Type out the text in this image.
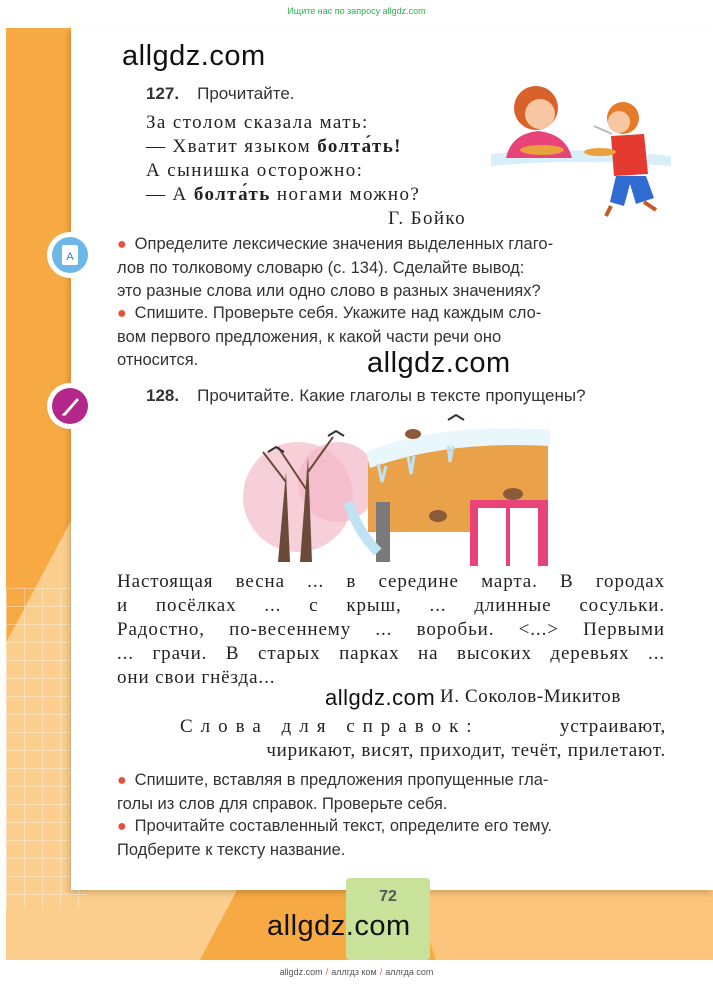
Ищите нас по запросу allgdz.com
allgdz.com
127. Прочитайте.
За столом сказала мать:
— Хватит языком болта́ть!
А сынишка осторожно:
— А болта́ть ногами можно?
Г. Бойко
А
● Определите лексические значения выделенных глаго-
лов по толковому словарю (с. 134). Сделайте вывод:
это разные слова или одно слово в разных значениях?
● Спишите. Проверьте себя. Укажите над каждым сло-
вом первого предложения, к какой части речи оно
относится.	allgdz.com
128. Прочитайте. Какие глаголы в тексте пропущены?
Настоящая весна ... в середине марта. В городах
и посёлках ... с крыш, ... длинные сосульки.
Радостно, по-весеннему ... воробьи. <...> Первыми
... грачи. В старых парках на высоких деревьях ...
они свои гнёзда...
allgdz.com И. Соколов-Микитов
Слова для справок:	устраивают,
чирикают, висят, приходит, течёт, прилетают.
● Спишите, вставляя в предложения пропущенные гла-
голы из слов для справок. Проверьте себя.
● Прочитайте составленный текст, определите его тему.
Подберите к тексту название.
72
allgdz.com
allgdz.com / аллгдз ком / аллгда com
